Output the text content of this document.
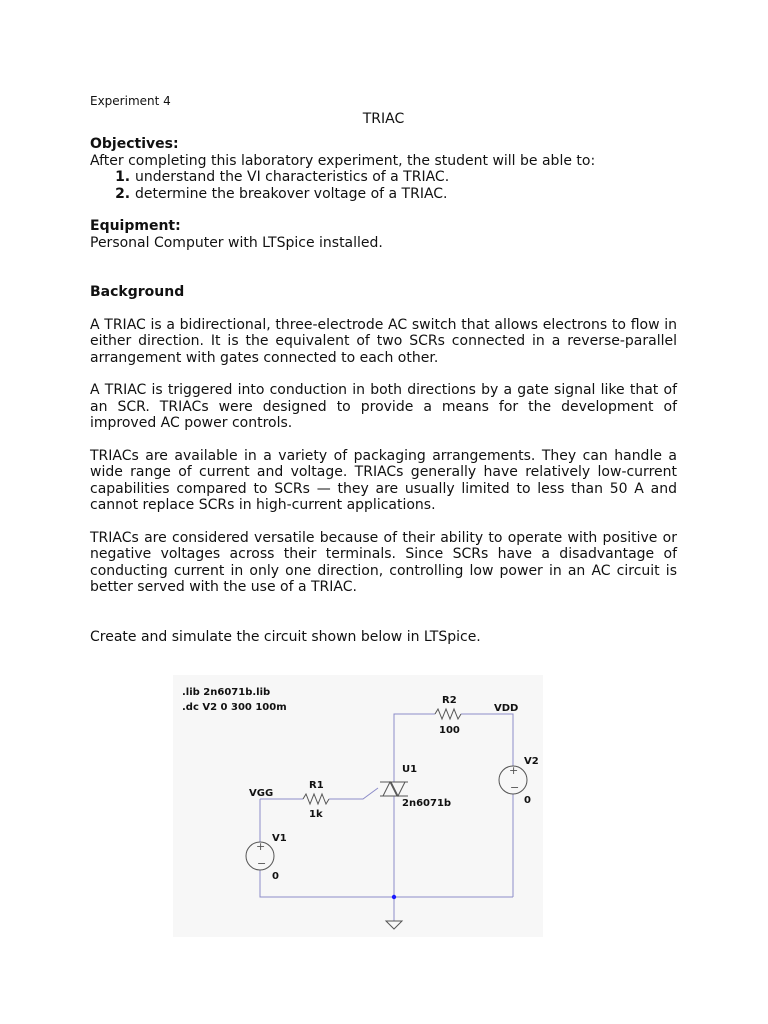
Experiment 4
TRIAC
Objectives:
After completing this laboratory experiment, the student will be able to:
1. understand the VI characteristics of a TRIAC.
2. determine the breakover voltage of a TRIAC.
Equipment:
Personal Computer with LTSpice installed.
Background
A TRIAC is a bidirectional, three-electrode AC switch that allows electrons to flow in either direction. It is the equivalent of two SCRs connected in a reverse-parallel arrangement with gates connected to each other.
A TRIAC is triggered into conduction in both directions by a gate signal like that of an SCR. TRIACs were designed to provide a means for the development of improved AC power controls.
TRIACs are available in a variety of packaging arrangements. They can handle a wide range of current and voltage. TRIACs generally have relatively low-current capabilities compared to SCRs — they are usually limited to less than 50 A and cannot replace SCRs in high-current applications.
TRIACs are considered versatile because of their ability to operate with positive or negative voltages across their terminals. Since SCRs have a disadvantage of conducting current in only one direction, controlling low power in an AC circuit is better served with the use of a TRIAC.
Create and simulate the circuit shown below in LTSpice.
+
−
+
−
.lib 2n6071b.lib
.dc V2 0 300 100m
R2
100
VDD
U1
2n6071b
V2
0
R1
1k
VGG
V1
0
